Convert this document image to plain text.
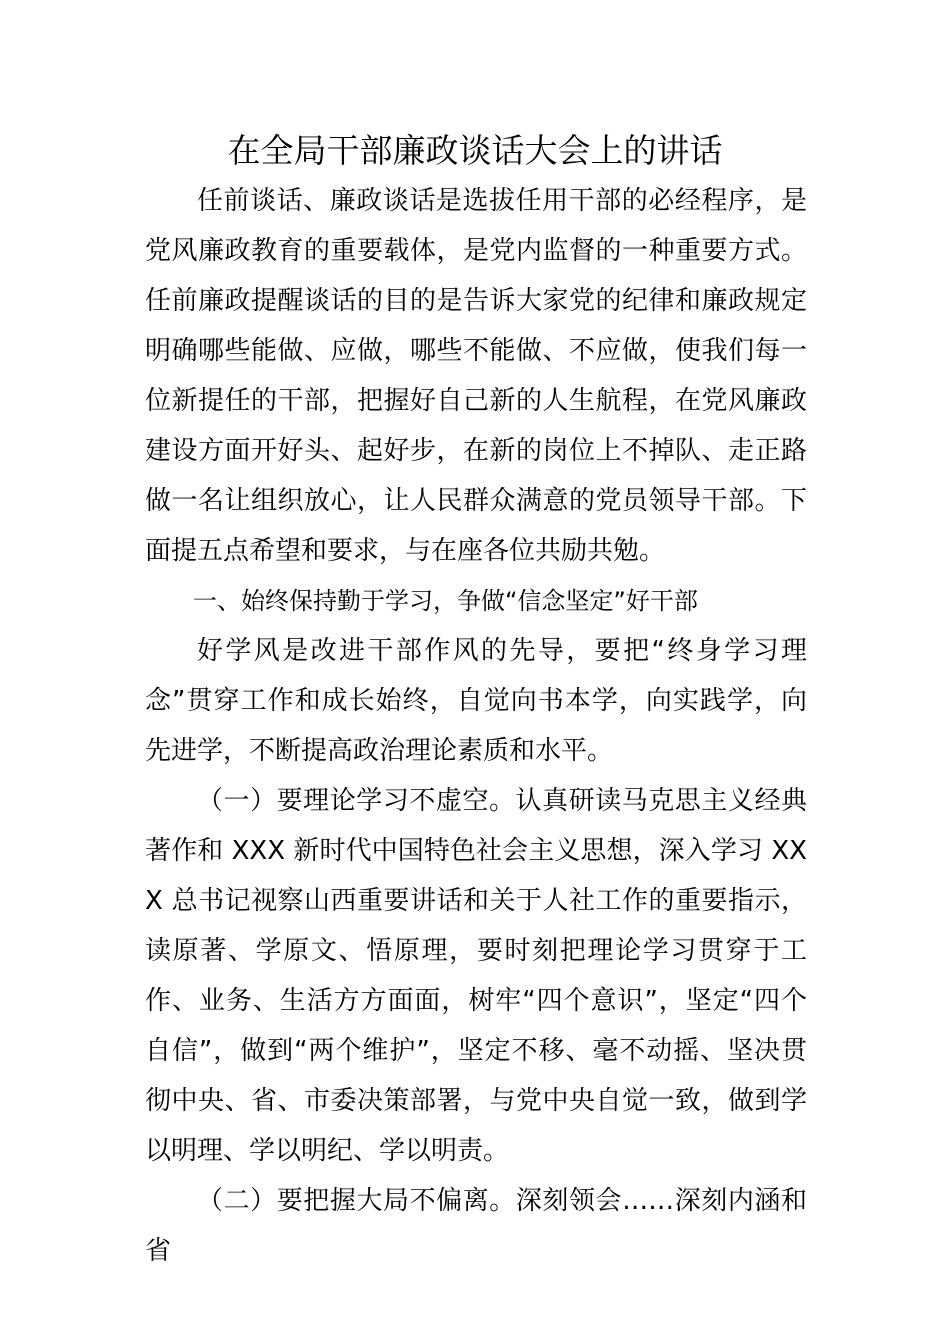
在全局干部廉政谈话大会上的讲话

任前谈话、廉政谈话是选拔任用干部的必经程序，是党风廉政教育的重要载体，是党内监督的一种重要方式。任前廉政提醒谈话的目的是告诉大家党的纪律和廉政规定明确哪些能做、应做，哪些不能做、不应做，使我们每一位新提任的干部，把握好自己新的人生航程，在党风廉政建设方面开好头、起好步，在新的岗位上不掉队、走正路做一名让组织放心，让人民群众满意的党员领导干部。下面提五点希望和要求，与在座各位共励共勉。

一、始终保持勤于学习，争做“信念坚定”好干部

好学风是改进干部作风的先导，要把“终身学习理念”贯穿工作和成长始终，自觉向书本学，向实践学，向先进学，不断提高政治理论素质和水平。

（一）要理论学习不虚空。认真研读马克思主义经典著作和 XXX 新时代中国特色社会主义思想，深入学习 XXX 总书记视察山西重要讲话和关于人社工作的重要指示，读原著、学原文、悟原理，要时刻把理论学习贯穿于工作、业务、生活方方面面，树牢“四个意识”，坚定“四个自信”，做到“两个维护”，坚定不移、毫不动摇、坚决贯彻中央、省、市委决策部署，与党中央自觉一致，做到学以明理、学以明纪、学以明责。

（二）要把握大局不偏离。深刻领会……深刻内涵和省
